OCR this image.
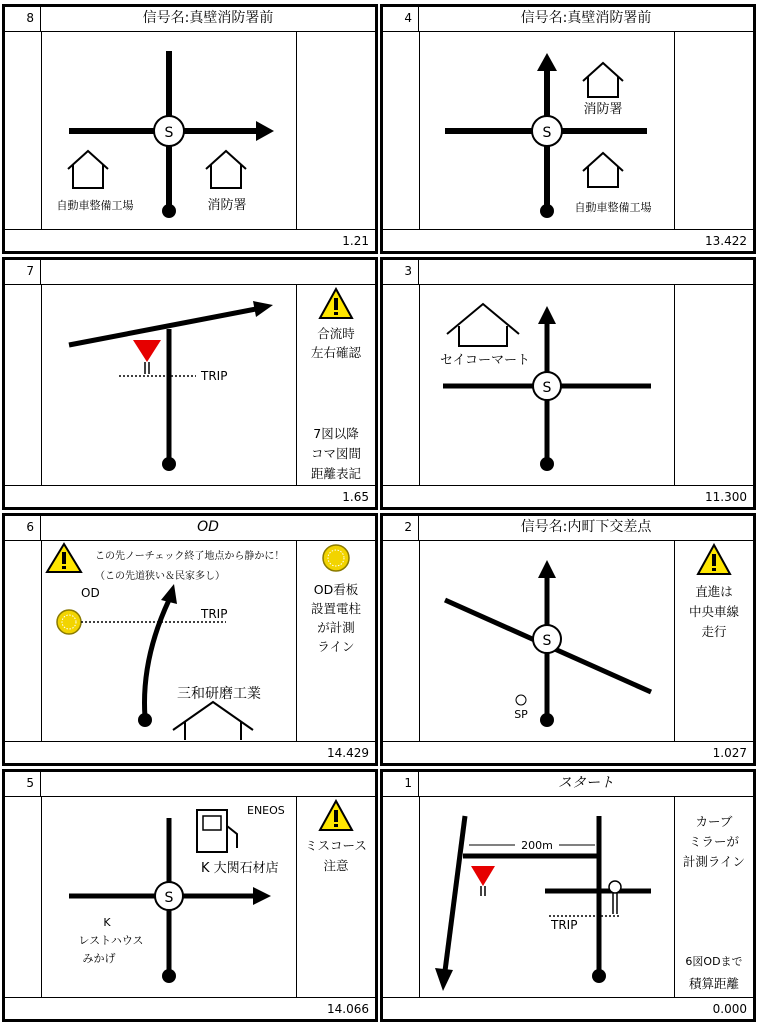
8	信号名:真壁消防署前
S
自動車整備工場	消防署
1.21
4	信号名:真壁消防署前
S
消防署
自動車整備工場
13.422
7
TRIP
合流時
左右確認
7図以降
コマ図間
距離表記
1.65
3
S
セイコーマート
11.300
6	OD
この先ノーチェック終了地点から静かに！
（この先道狭い＆民家多し）
OD
TRIP
三和研磨工業
OD看板
設置電柱
が計測
ライン
14.429
2	信号名:内町下交差点
S
SP
直進は
中央車線
走行
1.027
5
S
ENEOS
K 大関石材店
K
レストハウス
みかげ
ミスコース
注意
14.066
1	スタート
200m
TRIP
カーブ
ミラーが
計測ライン
6図ODまで
積算距離
0.000
